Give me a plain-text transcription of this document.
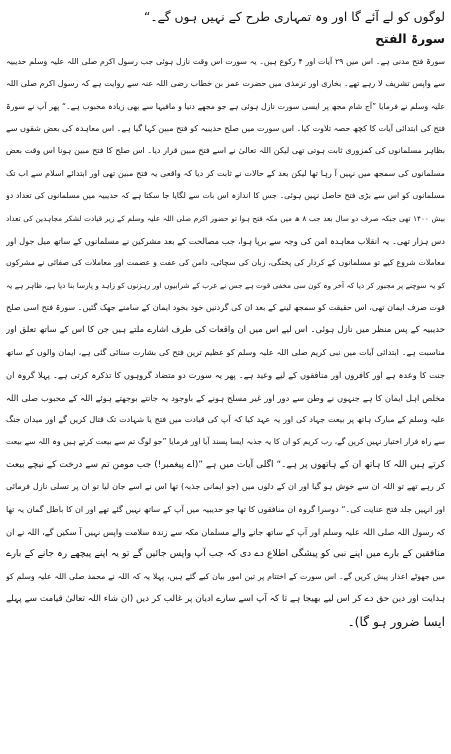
لوگوں کو لے آئے گا اور وہ تمہاری طرح کے نہیں ہوں گے۔“
سورۃ الفتح
سورۃ فتح مدنی ہے۔ اس میں ۲۹ آیات اور ۴ رکوع ہیں۔ یہ سورت اس وقت نازل ہوئی جب رسول اکرم صلی اللہ علیہ وسلم حدیبیہ
سے واپس تشریف لا رہے تھے۔ بخاری اور ترمذی میں حضرت عمر بن خطاب رضی اللہ عنہ سے روایت ہے کہ رسول اکرم صلی اللہ
علیہ وسلم نے فرمایا ”آج شام مجھ پر ایسی سورت نازل ہوئی ہے جو مجھے دنیا و مافیہا سے بھی زیادہ محبوب ہے۔“ پھر آپ نے سورۃ
فتح کی ابتدائی آیات کا کچھ حصہ تلاوت کیا۔ اس سورت میں صلح حدیبیہ کو فتح مبین کہا گیا ہے۔ اس معاہدہ کی بعض شقوں سے
بظاہر مسلمانوں کی کمزوری ثابت ہوتی تھی لیکن اللہ تعالیٰ نے اسے فتح مبین قرار دیا۔ اس صلح کا فتح مبین ہونا اس وقت بعض
مسلمانوں کی سمجھ میں نہیں آ رہا تھا لیکن بعد کے حالات نے ثابت کر دیا کہ واقعی یہ فتح مبین تھی اور ابتدائے اسلام سے اب تک
مسلمانوں کو اس سے بڑی فتح حاصل نہیں ہوئی۔ جس کا اندازہ اس بات سے لگایا جا سکتا ہے کہ حدیبیہ میں مسلمانوں کی تعداد دو
بیش ۱۴۰۰ تھی جبکہ صرف دو سال بعد جب ۸ ھ میں مکہ فتح ہوا تو حضور اکرم صلی اللہ علیہ وسلم کے زیر قیادت لشکر مجاہدین کی تعداد
دس ہزار تھی۔ یہ انقلاب معاہدہ امن کی وجہ سے برپا ہوا، جب مصالحت کے بعد مشرکین نے مسلمانوں کے ساتھ میل جول اور
معاملات شروع کیے تو مسلمانوں کے کردار کی پختگی، زبان کی سچائی، دامن کی عفت و عصمت اور معاملات کی صفائی نے مشرکوں
کو یہ سوچنے پر مجبور کر دیا کہ آخر وہ کون سی مخفی قوت ہے جس نے عرب کے شرابیوں اور رہزنوں کو زاہد و پارسا بنا دیا ہے، ظاہر ہے یہ
قوت صرف ایمان تھی، اس حقیقت کو سمجھ لینے کے بعد ان کی گردنیں خود بخود ایمان کے سامنے جھک گئیں۔ سورۃ فتح اسی صلح
حدیبیہ کے پس منظر میں نازل ہوئی۔ اس لیے اس میں ان واقعات کی طرف اشارے ملتے ہیں جن کا اس کے ساتھ تعلق اور
مناسبت ہے۔ ابتدائی آیات میں نبی کریم صلی اللہ علیہ وسلم کو عظیم ترین فتح کی بشارت سنائی گئی ہے، ایمان والوں کے ساتھ
جنت کا وعدہ ہے اور کافروں اور منافقوں کے لیے وعید ہے۔ پھر یہ سورت دو متضاد گروہوں کا تذکرہ کرتی ہے۔ پہلا گروہ ان
مخلص اہل ایمان کا ہے جنہوں نے وطن سے دور اور غیر مسلح ہونے کے باوجود یہ جانتے بوجھتے ہوئے اللہ کے محبوب صلی اللہ
علیہ وسلم کے مبارک ہاتھ پر بیعت جہاد کی اور یہ عہد کیا کہ آپ کی قیادت میں فتح یا شہادت تک قتال کریں گے اور میدان جنگ
سے راہ فرار اختیار نہیں کریں گے، رب کریم کو ان کا یہ جذبہ ایسا پسند آیا اور فرمایا ”جو لوگ تم سے بیعت کرتے ہیں وہ اللہ سے بیعت
کرتے ہیں اللہ کا ہاتھ ان کے ہاتھوں پر ہے۔“ اگلی آیات میں ہے ”(اے پیغمبر!) جب مومن تم سے درخت کے نیچے بیعت
کر رہے تھے تو اللہ ان سے خوش ہو گیا اور ان کے دلوں میں (جو ایمانی جذبہ) تھا اس نے اسے جان لیا تو ان پر تسلی نازل فرمائی
اور انہیں جلد فتح عنایت کی۔“ دوسرا گروہ ان منافقوں کا تھا جو حدیبیہ میں آپ کے ساتھ نہیں گئے تھے اور ان کا باطل گمان یہ تھا
کہ رسول اللہ صلی اللہ علیہ وسلم اور آپ کے ساتھ جانے والے مسلمان مکہ سے زندہ سلامت واپس نہیں آ سکیں گے، اللہ نے ان
منافقین کے بارے میں اپنے نبی کو پیشگی اطلاع دے دی کہ جب آپ واپس جائیں گے تو یہ اپنے پیچھے رہ جانے کے بارے
میں جھوٹے اعذار پیش کریں گے۔ اس سورت کے اختتام پر تین امور بیان کیے گئے ہیں، پہلا یہ کہ اللہ نے محمد صلی اللہ علیہ وسلم کو
ہدایت اور دین حق دے کر اس لیے بھیجا ہے تا کہ آپ اسے سارے ادیان پر غالب کر دیں (ان شاء اللہ تعالیٰ قیامت سے پہلے
ایسا ضرور ہو گا)۔
